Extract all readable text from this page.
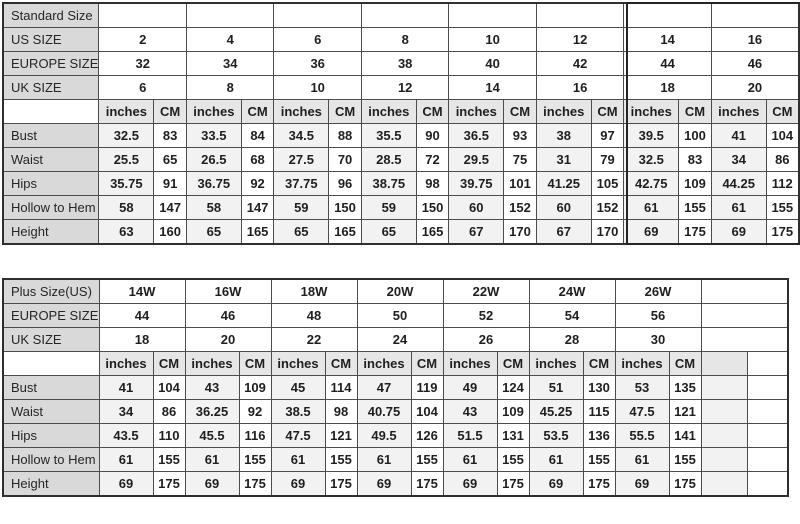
Standard Size																
US SIZE	2		4		6		8		10		12		14		16	
EUROPE SIZE	32		34		36		38		40		42		44		46	
UK SIZE	6		8		10		12		14		16		18		20	
	inches	CM	inches	CM	inches	CM	inches	CM	inches	CM	inches	CM	inches	CM	inches	CM
Bust	32.5	83	33.5	84	34.5	88	35.5	90	36.5	93	38	97	39.5	100	41	104
Waist	25.5	65	26.5	68	27.5	70	28.5	72	29.5	75	31	79	32.5	83	34	86
Hips	35.75	91	36.75	92	37.75	96	38.75	98	39.75	101	41.25	105	42.75	109	44.25	112
Hollow to Hem	58	147	58	147	59	150	59	150	60	152	60	152	61	155	61	155
Height	63	160	65	165	65	165	65	165	67	170	67	170	69	175	69	175
Plus Size(US)	14W		16W		18W		20W		22W		24W		26W			
EUROPE SIZE	44		46		48		50		52		54		56			
UK SIZE	18		20		22		24		26		28		30			
	inches	CM	inches	CM	inches	CM	inches	CM	inches	CM	inches	CM	inches	CM		
Bust	41	104	43	109	45	114	47	119	49	124	51	130	53	135		
Waist	34	86	36.25	92	38.5	98	40.75	104	43	109	45.25	115	47.5	121		
Hips	43.5	110	45.5	116	47.5	121	49.5	126	51.5	131	53.5	136	55.5	141		
Hollow to Hem	61	155	61	155	61	155	61	155	61	155	61	155	61	155		
Height	69	175	69	175	69	175	69	175	69	175	69	175	69	175		
